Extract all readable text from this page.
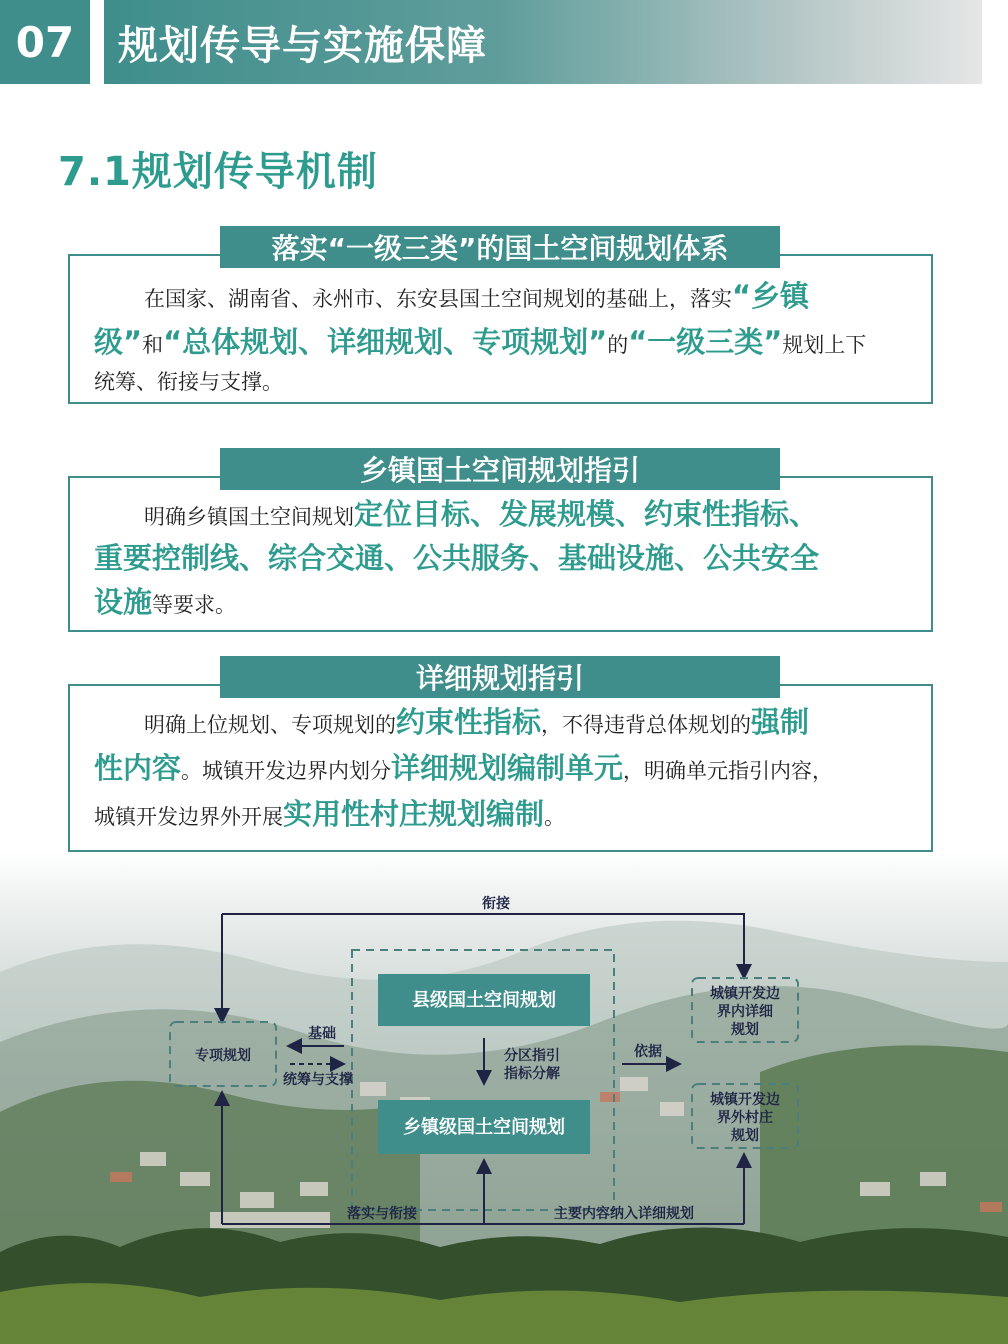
07	规划传导与实施保障
7.1规划传导机制
在国家、湖南省、永州市、东安县国土空间规划的基础上，落实“乡镇
级”和“总体规划、详细规划、专项规划”的“一级三类”规划上下
统筹、衔接与支撑。
落实“一级三类”的国土空间规划体系
明确乡镇国土空间规划定位目标、发展规模、约束性指标、
重要控制线、综合交通、公共服务、基础设施、公共安全
设施等要求。
乡镇国土空间规划指引
明确上位规划、专项规划的约束性指标，不得违背总体规划的强制
性内容。城镇开发边界内划分详细规划编制单元，明确单元指引内容，
城镇开发边界外开展实用性村庄规划编制。
详细规划指引
衔接
县级国土空间规划
分区指引
指标分解
乡镇级国土空间规划
专项规划
基础
统筹与支撑
依据
城镇开发边
界内详细
规划
城镇开发边
界外村庄
规划
落实与衔接	主要内容纳入详细规划
